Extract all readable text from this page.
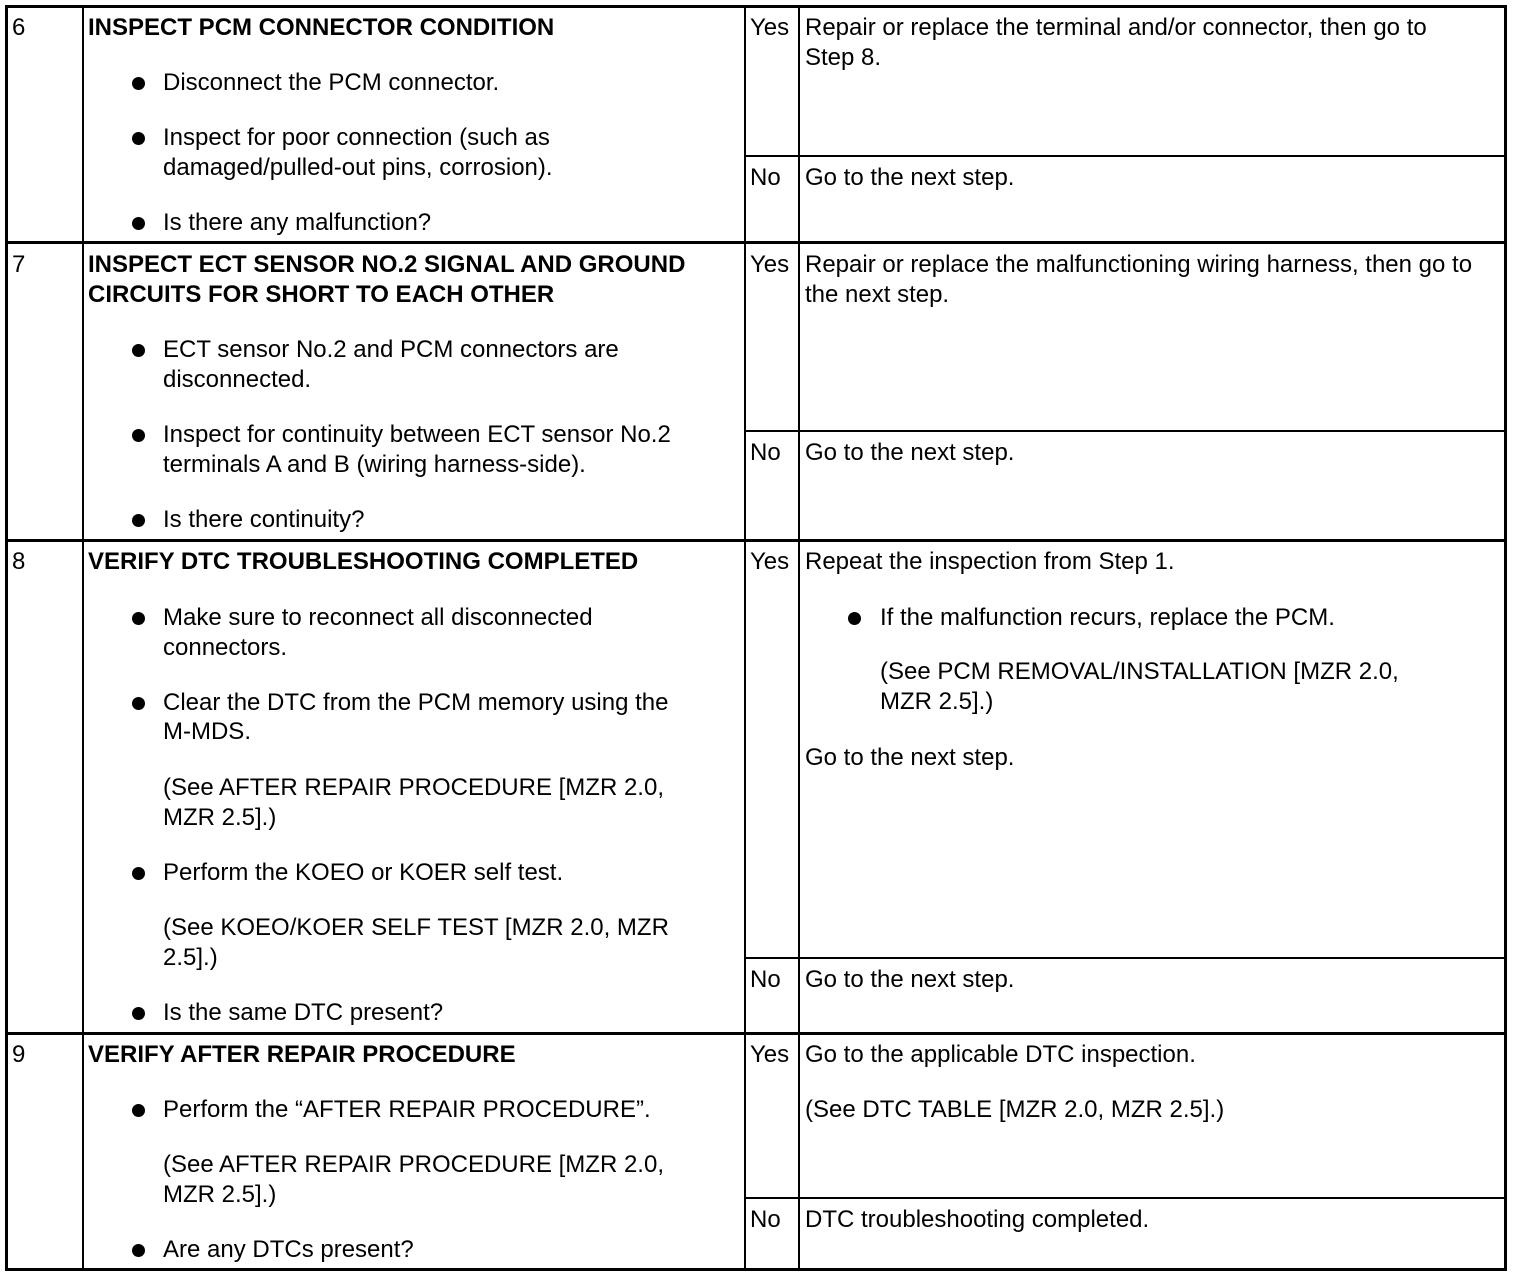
6	INSPECT PCM CONNECTOR CONDITION
Disconnect the PCM connector.
Inspect for poor connection (such as
damaged/pulled-out pins, corrosion).
Is there any malfunction?
Yes Repair or replace the terminal and/or connector, then go to
Step 8.
No Go to the next step.
7	INSPECT ECT SENSOR NO.2 SIGNAL AND GROUND
CIRCUITS FOR SHORT TO EACH OTHER
ECT sensor No.2 and PCM connectors are
disconnected.
Inspect for continuity between ECT sensor No.2
terminals A and B (wiring harness-side).
Is there continuity?
Yes Repair or replace the malfunctioning wiring harness, then go to
the next step.
No Go to the next step.
8	VERIFY DTC TROUBLESHOOTING COMPLETED
Make sure to reconnect all disconnected
connectors.
Clear the DTC from the PCM memory using the
M-MDS.
(See AFTER REPAIR PROCEDURE [MZR 2.0,
MZR 2.5].)
Perform the KOEO or KOER self test.
(See KOEO/KOER SELF TEST [MZR 2.0, MZR
2.5].)
Is the same DTC present?
Yes Repeat the inspection from Step 1.
If the malfunction recurs, replace the PCM.
(See PCM REMOVAL/INSTALLATION [MZR 2.0,
MZR 2.5].)
Go to the next step.
No Go to the next step.
9	VERIFY AFTER REPAIR PROCEDURE
Perform the “AFTER REPAIR PROCEDURE”.
(See AFTER REPAIR PROCEDURE [MZR 2.0,
MZR 2.5].)
Are any DTCs present?
Yes Go to the applicable DTC inspection.
(See DTC TABLE [MZR 2.0, MZR 2.5].)
No DTC troubleshooting completed.
